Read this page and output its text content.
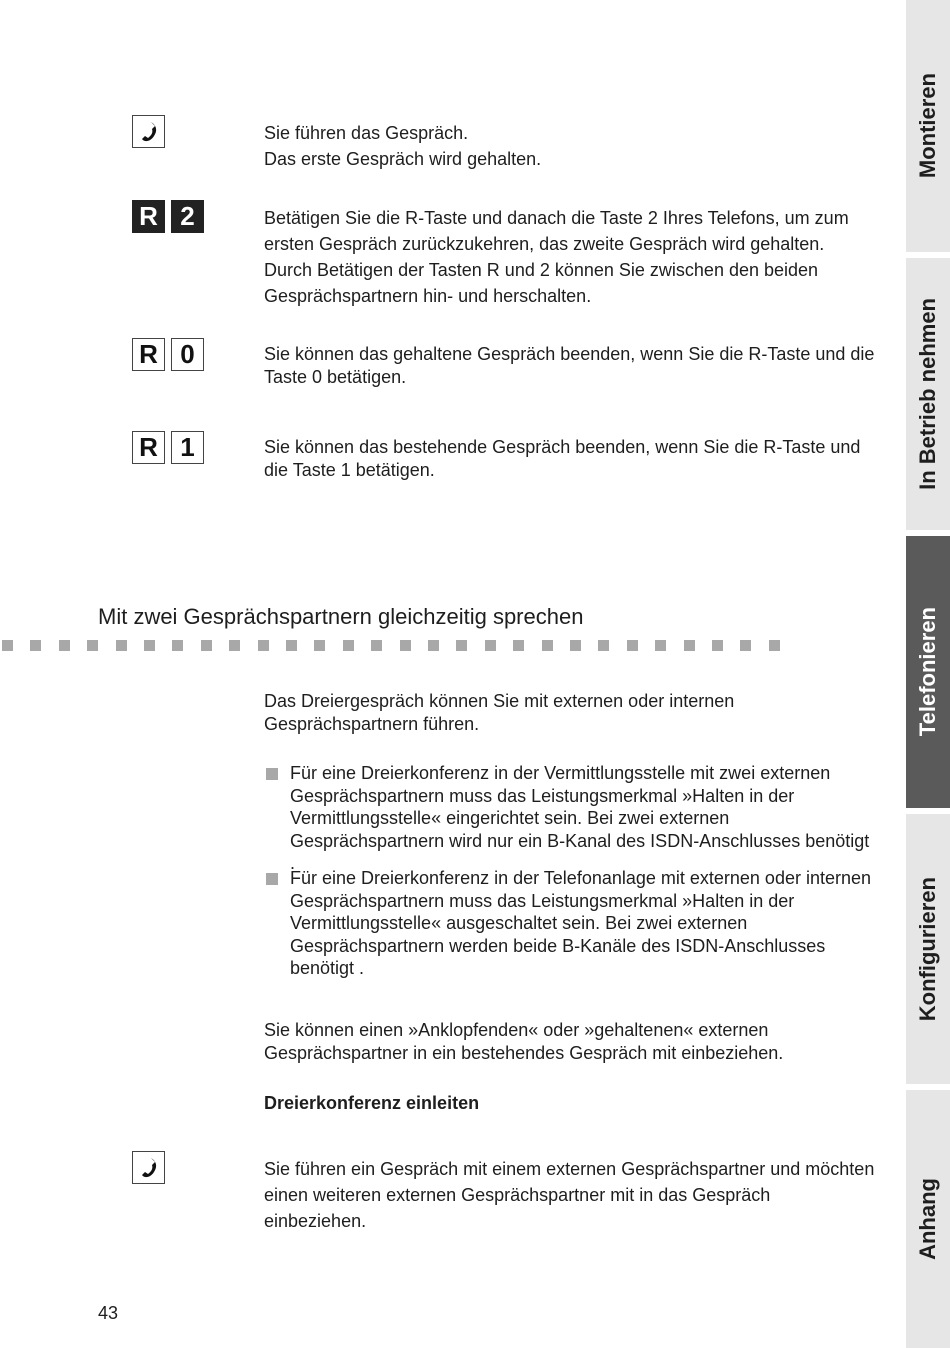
Sie führen das Gespräch.
Das erste Gespräch wird gehalten.

R 2	Betätigen Sie die R-Taste und danach die Taste 2 Ihres Telefons, um zum ersten Gespräch zurückzukehren, das zweite Gespräch wird gehalten. Durch Betätigen der Tasten R und 2 können Sie zwischen den beiden Gesprächspartnern hin- und herschalten.

R 0	Sie können das gehaltene Gespräch beenden, wenn Sie die R-Taste und die Taste 0 betätigen.

R 1	Sie können das bestehende Gespräch beenden, wenn Sie die R-Taste und die Taste 1 betätigen.

Mit zwei Gesprächspartnern gleichzeitig sprechen

Das Dreiergespräch können Sie mit externen oder internen Gesprächspartnern führen.

Für eine Dreierkonferenz in der Vermittlungsstelle mit zwei externen Gesprächspartnern muss das Leistungsmerkmal »Halten in der Vermittlungsstelle« eingerichtet sein. Bei zwei externen Gesprächspartnern wird nur ein B-Kanal des ISDN-Anschlusses benötigt .

Für eine Dreierkonferenz in der Telefonanlage mit externen oder internen Gesprächspartnern muss das Leistungsmerkmal »Halten in der Vermittlungsstelle« ausgeschaltet sein. Bei zwei externen Gesprächspartnern werden beide B-Kanäle des ISDN-Anschlusses benötigt .

Sie können einen »Anklopfenden« oder »gehaltenen« externen Gesprächspartner in ein bestehendes Gespräch mit einbeziehen.

Dreierkonferenz einleiten

Sie führen ein Gespräch mit einem externen Gesprächspartner und möchten einen weiteren externen Gesprächspartner mit in das Gespräch einbeziehen.

43
Montieren
In Betrieb nehmen
Telefonieren
Konfigurieren
Anhang
